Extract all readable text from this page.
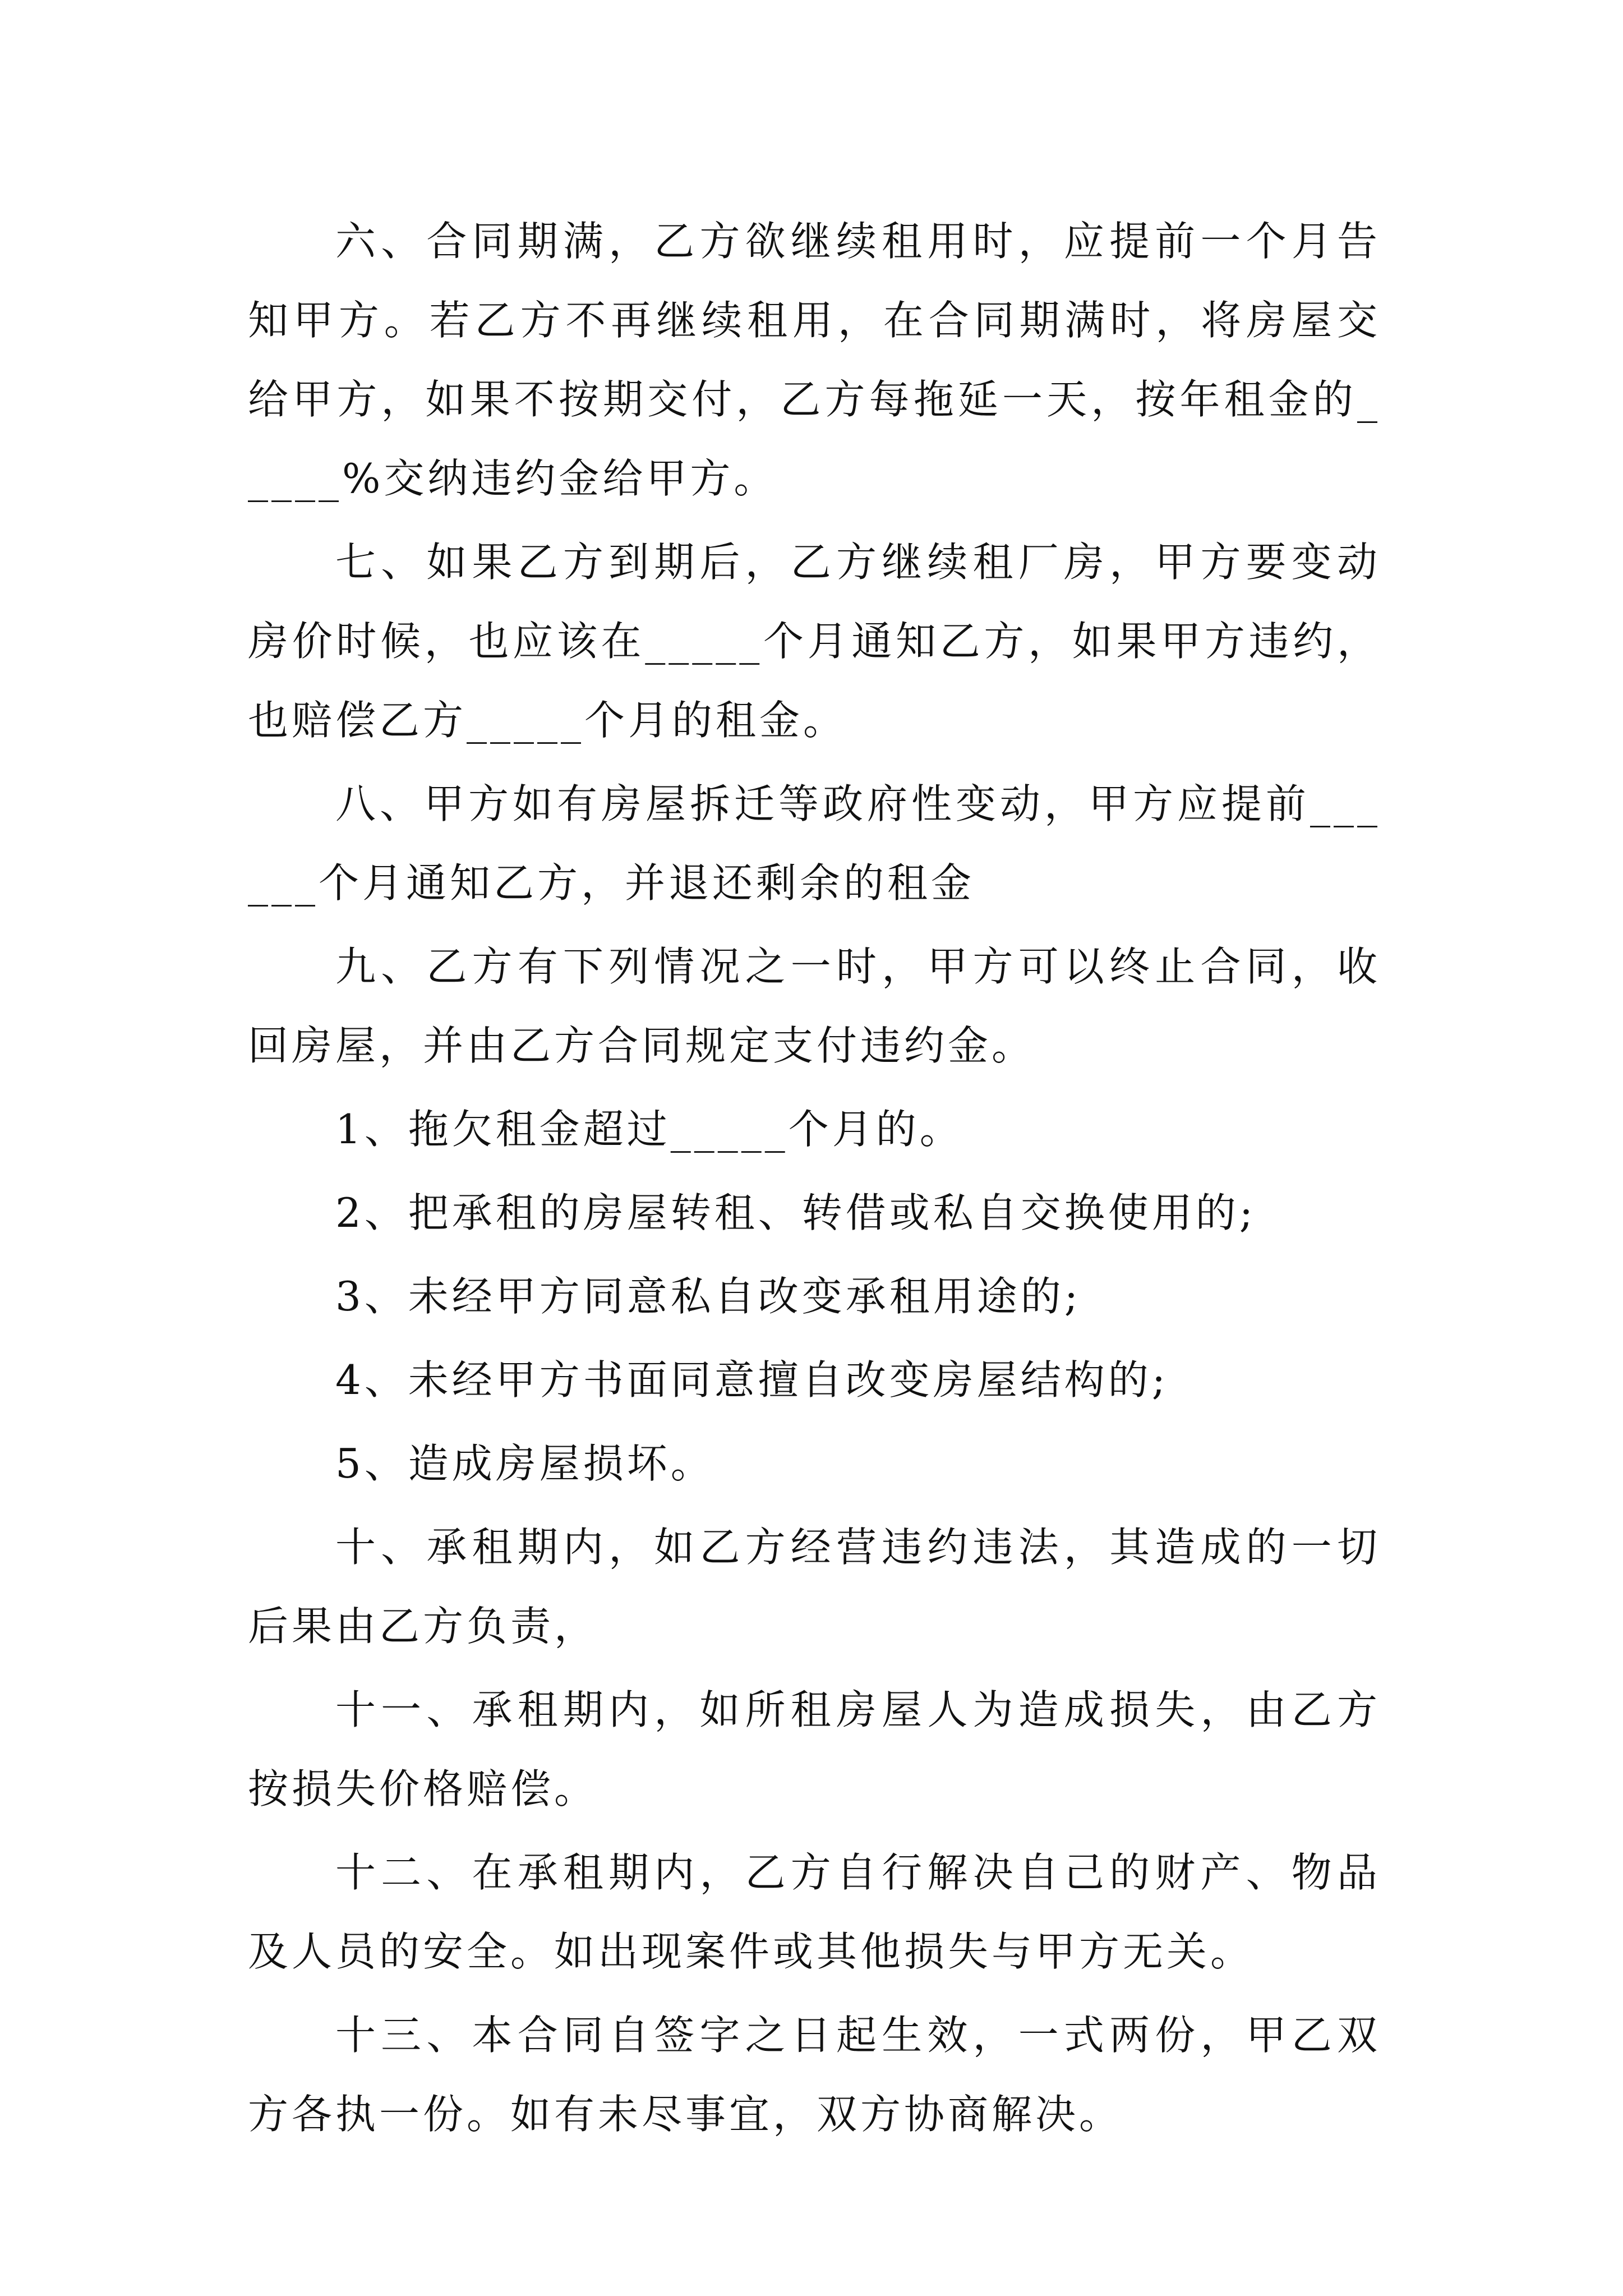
六、合同期满，乙方欲继续租用时，应提前一个月告知甲方。若乙方不再继续租用，在合同期满时，将房屋交给甲方，如果不按期交付，乙方每拖延一天，按年租金的_____%交纳违约金给甲方。

七、如果乙方到期后，乙方继续租厂房，甲方要变动房价时候，也应该在_____个月通知乙方，如果甲方违约，也赔偿乙方_____个月的租金。

八、甲方如有房屋拆迁等政府性变动，甲方应提前______个月通知乙方，并退还剩余的租金

九、乙方有下列情况之一时，甲方可以终止合同，收回房屋，并由乙方合同规定支付违约金。

1、拖欠租金超过_____个月的。

2、把承租的房屋转租、转借或私自交换使用的;

3、未经甲方同意私自改变承租用途的;

4、未经甲方书面同意擅自改变房屋结构的;

5、造成房屋损坏。

十、承租期内，如乙方经营违约违法，其造成的一切后果由乙方负责，

十一、承租期内，如所租房屋人为造成损失，由乙方按损失价格赔偿。

十二、在承租期内，乙方自行解决自己的财产、物品及人员的安全。如出现案件或其他损失与甲方无关。

十三、本合同自签字之日起生效，一式两份，甲乙双方各执一份。如有未尽事宜，双方协商解决。
